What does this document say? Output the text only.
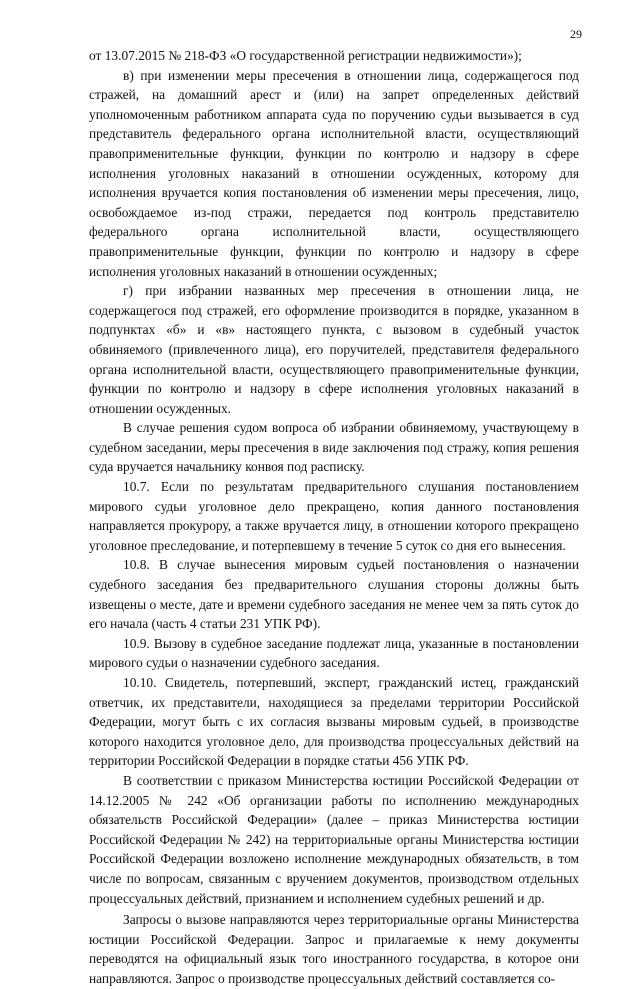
29

от 13.07.2015 № 218-ФЗ «О государственной регистрации недвижимости»);

в) при изменении меры пресечения в отношении лица, содержащегося под стражей, на домашний арест и (или) на запрет определенных действий уполномоченным работником аппарата суда по поручению судьи вызывается в суд представитель федерального органа исполнительной власти, осуществляющий правоприменительные функции, функции по контролю и надзору в сфере исполнения уголовных наказаний в отношении осужденных, которому для исполнения вручается копия постановления об изменении меры пресечения, лицо, освобождаемое из-под стражи, передается под контроль представителю федерального органа исполнительной власти, осуществляющего правоприменительные функции, функции по контролю и надзору в сфере исполнения уголовных наказаний в отношении осужденных;

г) при избрании названных мер пресечения в отношении лица, не содержащегося под стражей, его оформление производится в порядке, указанном в подпунктах «б» и «в» настоящего пункта, с вызовом в судебный участок обвиняемого (привлеченного лица), его поручителей, представителя федерального органа исполнительной власти, осуществляющего правоприменительные функции, функции по контролю и надзору в сфере исполнения уголовных наказаний в отношении осужденных.

В случае решения судом вопроса об избрании обвиняемому, участвующему в судебном заседании, меры пресечения в виде заключения под стражу, копия решения суда вручается начальнику конвоя под расписку.

10.7. Если по результатам предварительного слушания постановлением мирового судьи уголовное дело прекращено, копия данного постановления направляется прокурору, а также вручается лицу, в отношении которого прекращено уголовное преследование, и потерпевшему в течение 5 суток со дня его вынесения.

10.8. В случае вынесения мировым судьей постановления о назначении судебного заседания без предварительного слушания стороны должны быть извещены о месте, дате и времени судебного заседания не менее чем за пять суток до его начала (часть 4 статьи 231 УПК РФ).

10.9. Вызову в судебное заседание подлежат лица, указанные в постановлении мирового судьи о назначении судебного заседания.

10.10. Свидетель, потерпевший, эксперт, гражданский истец, гражданский ответчик, их представители, находящиеся за пределами территории Российской Федерации, могут быть с их согласия вызваны мировым судьей, в производстве которого находится уголовное дело, для производства процессуальных действий на территории Российской Федерации в порядке статьи 456 УПК РФ.

В соответствии с приказом Министерства юстиции Российской Федерации от 14.12.2005 № 242 «Об организации работы по исполнению международных обязательств Российской Федерации» (далее – приказ Министерства юстиции Российской Федерации № 242) на территориальные органы Министерства юстиции Российской Федерации возложено исполнение международных обязательств, в том числе по вопросам, связанным с вручением документов, производством отдельных процессуальных действий, признанием и исполнением судебных решений и др.

Запросы о вызове направляются через территориальные органы Министерства юстиции Российской Федерации. Запрос и прилагаемые к нему документы переводятся на официальный язык того иностранного государства, в которое они направляются. Запрос о производстве процессуальных действий составляется со-
